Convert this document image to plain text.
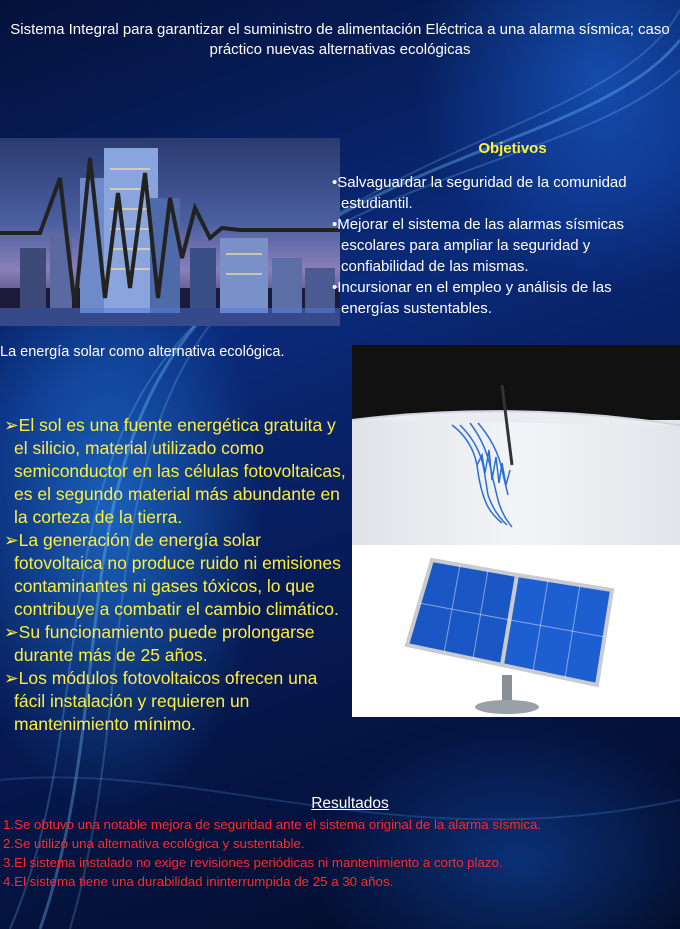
Sistema Integral para garantizar el suministro de alimentación Eléctrica a una alarma sísmica; caso práctico nuevas alternativas ecológicas
Objetivos
•Salvaguardar la seguridad de la comunidad estudiantil.
•Mejorar el sistema de las alarmas sísmicas escolares para ampliar la seguridad y confiabilidad de las mismas.
•Incursionar en el empleo y análisis de las energías sustentables.
La energía solar como alternativa ecológica.
➢El sol es una fuente energética gratuita y el silicio, material utilizado como semiconductor en las células fotovoltaicas, es el segundo material más abundante en la corteza de la tierra.
➢La generación de energía solar fotovoltaica no produce ruido ni emisiones contaminantes ni gases tóxicos, lo que contribuye a combatir el cambio climático.
➢Su funcionamiento puede prolongarse durante más de 25 años.
➢Los módulos fotovoltaicos ofrecen una fácil instalación y requieren un mantenimiento mínimo.
Resultados
1.Se obtuvo una notable mejora de seguridad ante el sistema original de la alarma sísmica.
2.Se utilizó una alternativa ecológica y sustentable.
3.El sistema instalado no exige revisiones periódicas ni mantenimiento a corto plazo.
4.El sistema tiene una durabilidad ininterrumpida de 25 a 30 años.
